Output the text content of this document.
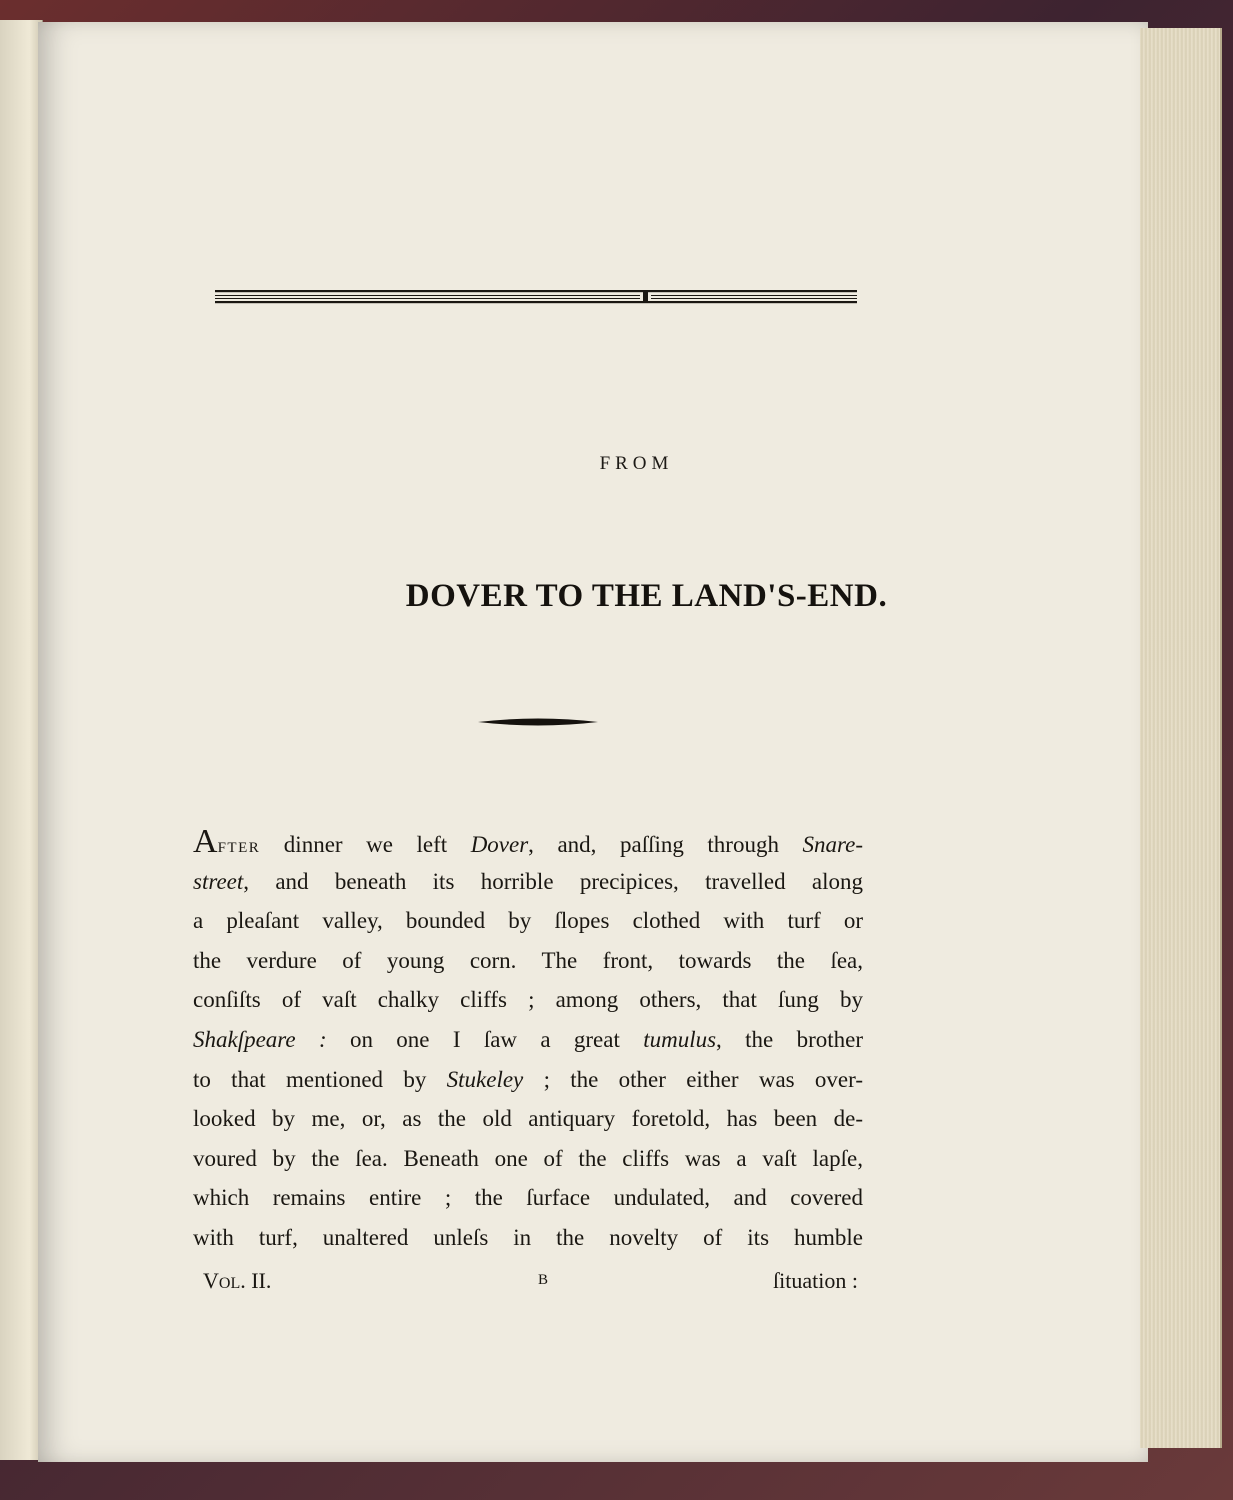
FROM
DOVER TO THE LAND'S-END.
AFTER dinner we left Dover, and, paſſing through Snare-
street, and beneath its horrible precipices, travelled along
a pleaſant valley, bounded by ſlopes clothed with turf or
the verdure of young corn. The front, towards the ſea,
conſiſts of vaſt chalky cliffs ; among others, that ſung by
Shakſpeare : on one I ſaw a great tumulus, the brother
to that mentioned by Stukeley ; the other either was over-
looked by me, or, as the old antiquary foretold, has been de-
voured by the ſea. Beneath one of the cliffs was a vaſt lapſe,
which remains entire ; the ſurface undulated, and covered
with turf, unaltered unleſs in the novelty of its humble
VOL. II.	B	ſituation :
